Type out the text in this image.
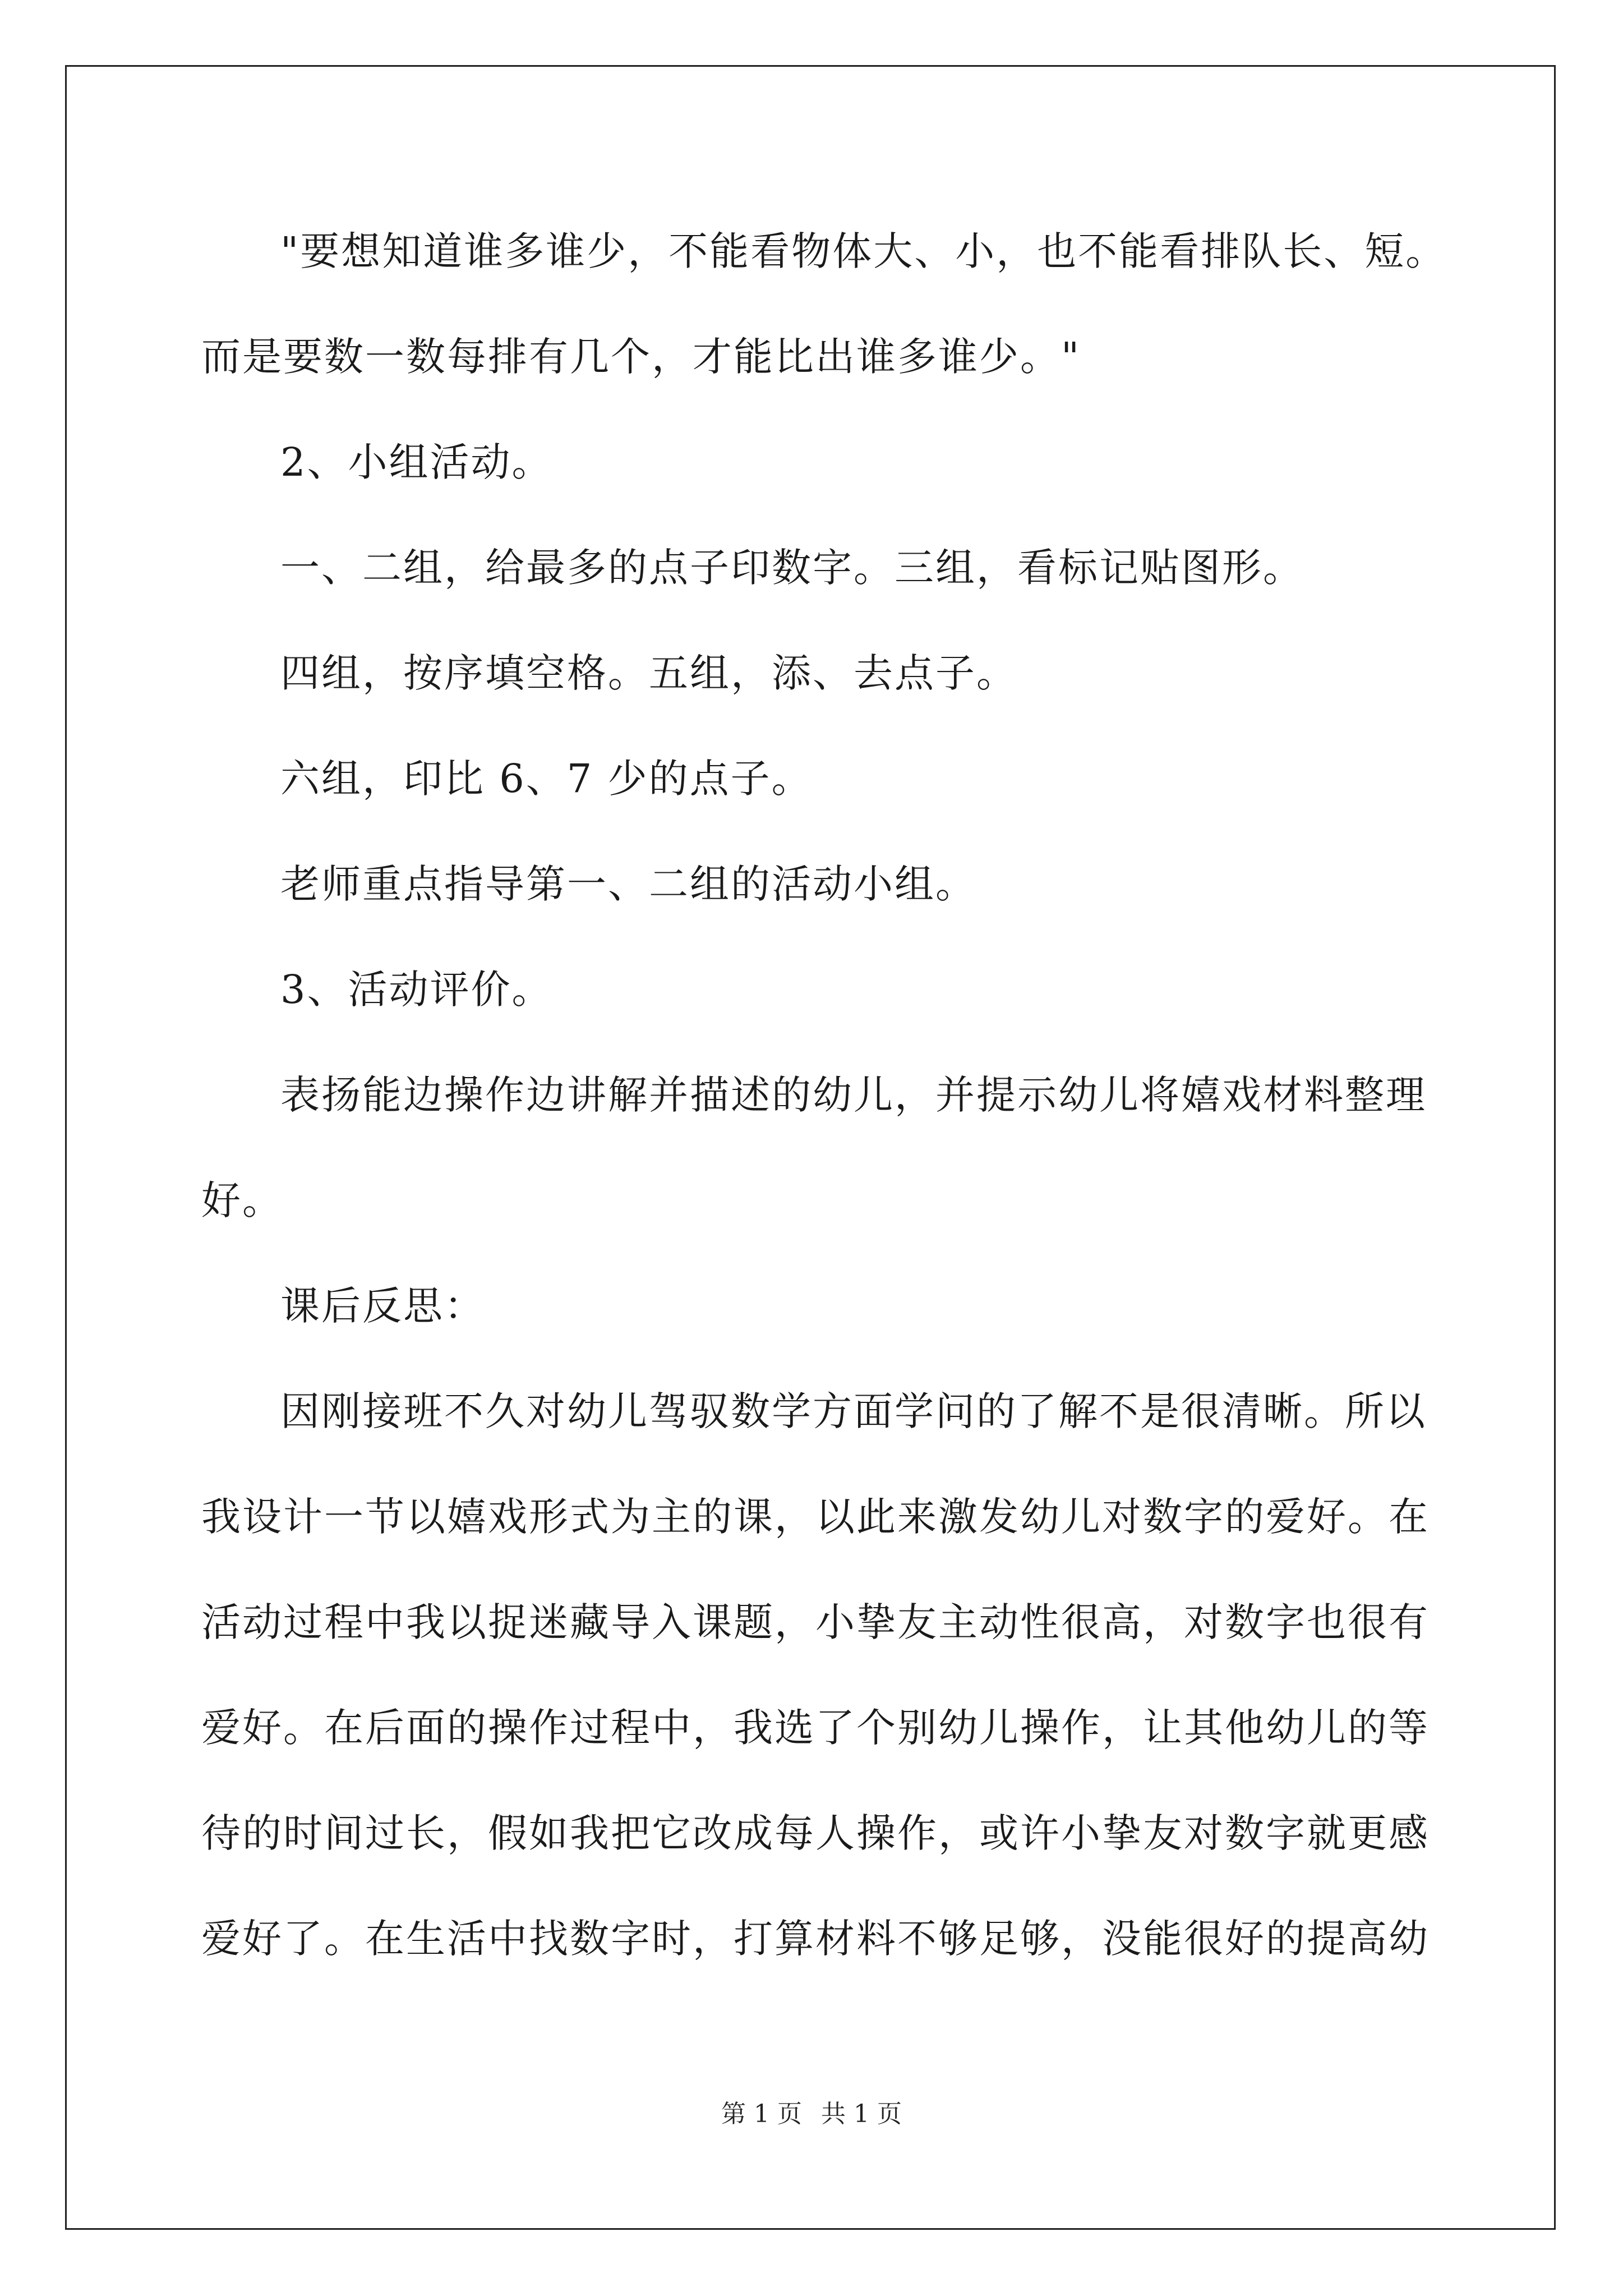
"要想知道谁多谁少，不能看物体大、小，也不能看排队长、短。
而是要数一数每排有几个，才能比出谁多谁少。"
2、小组活动。
一、二组，给最多的点子印数字。三组，看标记贴图形。
四组，按序填空格。五组，添、去点子。
六组，印比 6、7 少的点子。
老师重点指导第一、二组的活动小组。
3、活动评价。
表扬能边操作边讲解并描述的幼儿，并提示幼儿将嬉戏材料整理
好。
课后反思：
因刚接班不久对幼儿驾驭数学方面学问的了解不是很清晰。所以
我设计一节以嬉戏形式为主的课，以此来激发幼儿对数字的爱好。在
活动过程中我以捉迷藏导入课题，小挚友主动性很高，对数字也很有
爱好。在后面的操作过程中，我选了个别幼儿操作，让其他幼儿的等
待的时间过长，假如我把它改成每人操作，或许小挚友对数字就更感
爱好了。在生活中找数字时，打算材料不够足够，没能很好的提高幼
第 1 页 共 1 页
